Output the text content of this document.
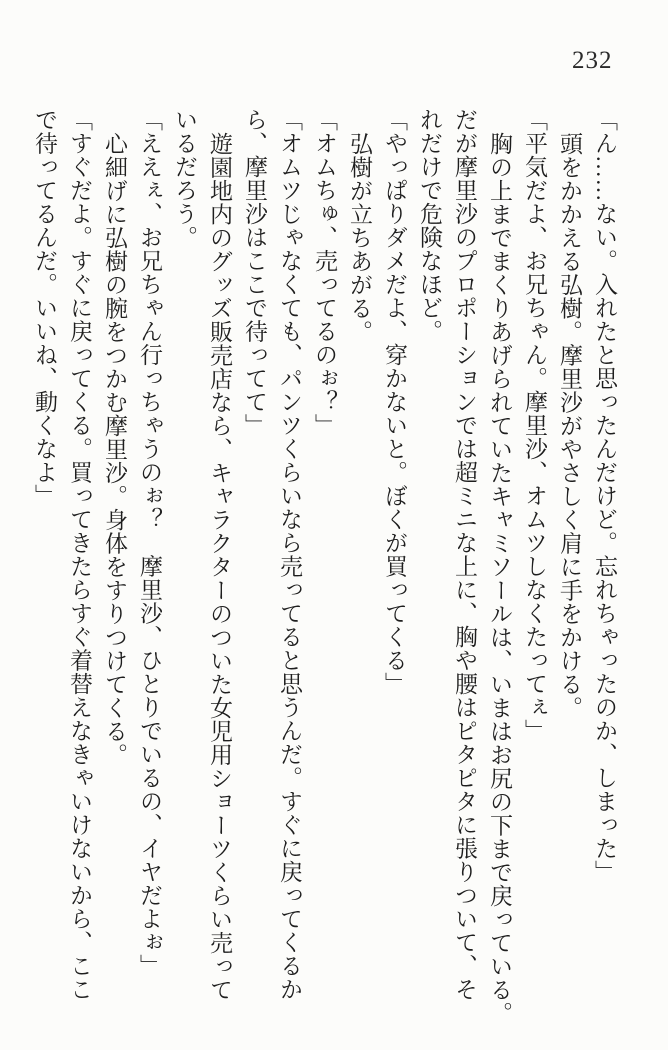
232
「ん……ない。入れたと思ったんだけど。忘れちゃったのか、しまった」
頭をかかえる弘樹。摩里沙がやさしく肩に手をかける。
「平気だよ、お兄ちゃん。摩里沙、オムツしなくたってぇ」
胸の上までまくりあげられていたキャミソールは、いまはお尻の下まで戻っている。
だが摩里沙のプロポーションでは超ミニな上に、胸や腰はピタピタに張りついて、そ
れだけで危険なほど。
「やっぱりダメだよ、穿かないと。ぼくが買ってくる」
弘樹が立ちあがる。
「オムちゅ、売ってるのぉ？」
「オムツじゃなくても、パンツくらいなら売ってると思うんだ。すぐに戻ってくるか
ら、摩里沙はここで待ってて」
遊園地内のグッズ販売店なら、キャラクターのついた女児用ショーツくらい売って
いるだろう。
「ええぇ、お兄ちゃん行っちゃうのぉ？　摩里沙、ひとりでいるの、イヤだよぉ」
心細げに弘樹の腕をつかむ摩里沙。身体をすりつけてくる。
「すぐだよ。すぐに戻ってくる。買ってきたらすぐ着替えなきゃいけないから、ここ
で待ってるんだ。いいね、動くなよ」
